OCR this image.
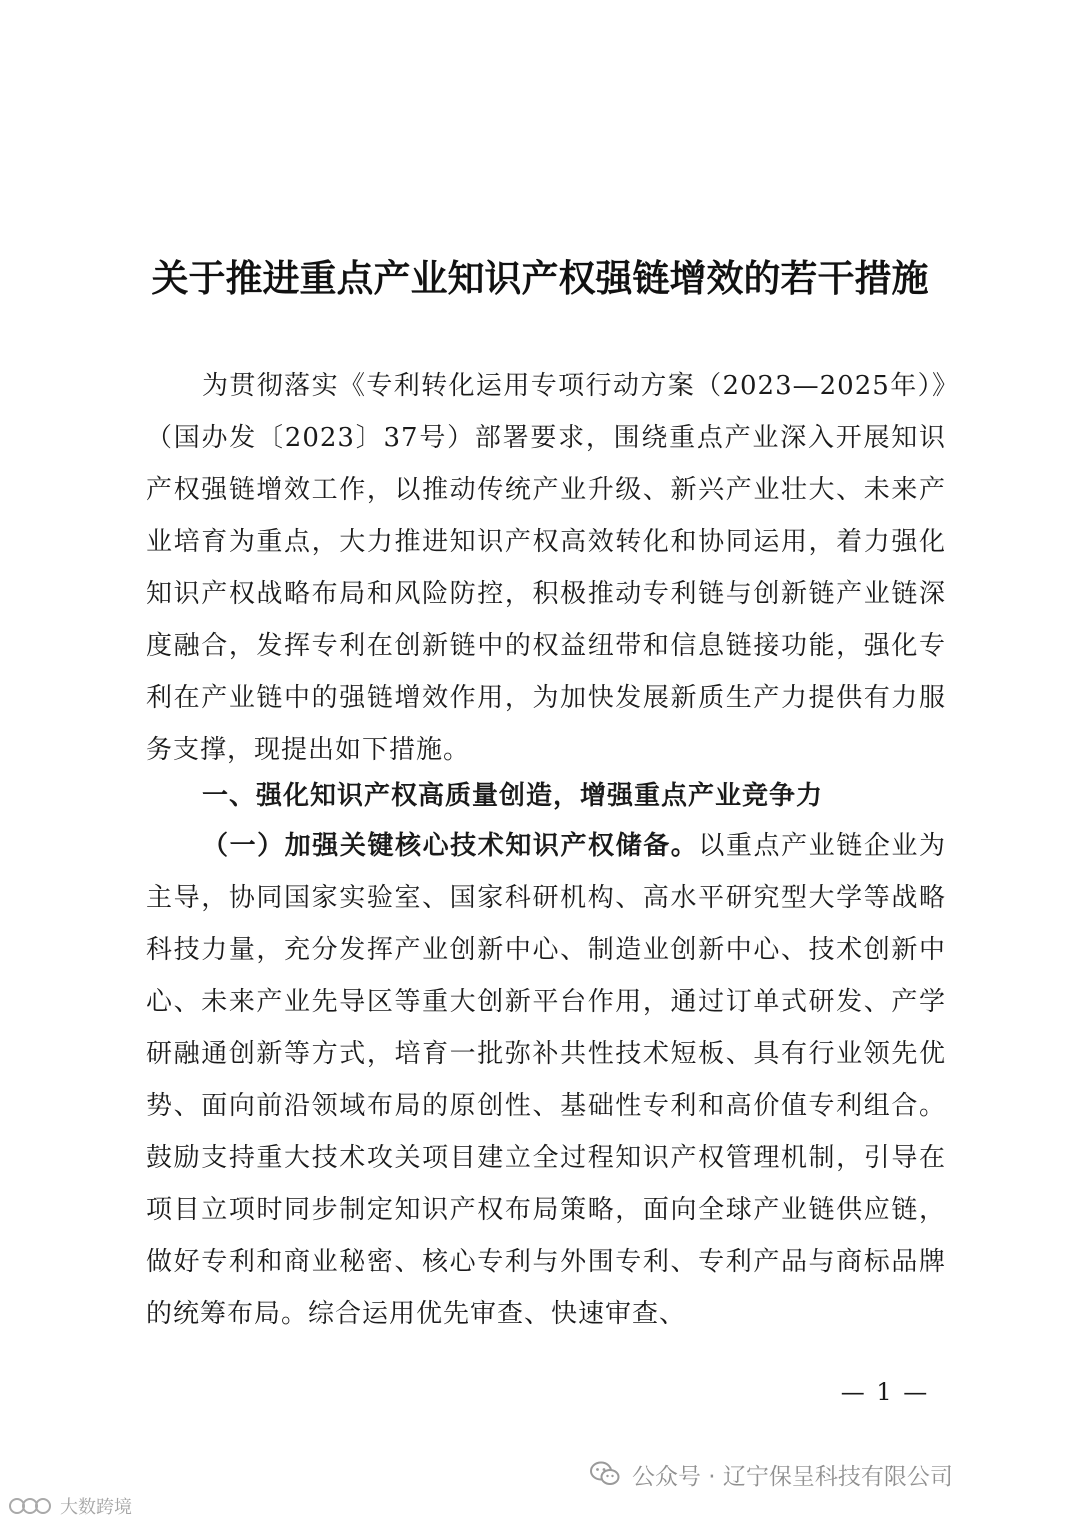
关于推进重点产业知识产权强链增效的若干措施

为贯彻落实《专利转化运用专项行动方案（2023—2025年）》（国办发〔2023〕37号）部署要求，围绕重点产业深入开展知识产权强链增效工作，以推动传统产业升级、新兴产业壮大、未来产业培育为重点，大力推进知识产权高效转化和协同运用，着力强化知识产权战略布局和风险防控，积极推动专利链与创新链产业链深度融合，发挥专利在创新链中的权益纽带和信息链接功能，强化专利在产业链中的强链增效作用，为加快发展新质生产力提供有力服务支撑，现提出如下措施。

一、强化知识产权高质量创造，增强重点产业竞争力

（一）加强关键核心技术知识产权储备。以重点产业链企业为主导，协同国家实验室、国家科研机构、高水平研究型大学等战略科技力量，充分发挥产业创新中心、制造业创新中心、技术创新中心、未来产业先导区等重大创新平台作用，通过订单式研发、产学研融通创新等方式，培育一批弥补共性技术短板、具有行业领先优势、面向前沿领域布局的原创性、基础性专利和高价值专利组合。鼓励支持重大技术攻关项目建立全过程知识产权管理机制，引导在项目立项时同步制定知识产权布局策略，面向全球产业链供应链，做好专利和商业秘密、核心专利与外围专利、专利产品与商标品牌的统筹布局。综合运用优先审查、快速审查、

— 1 —
公众号 · 辽宁保呈科技有限公司
大数跨境
